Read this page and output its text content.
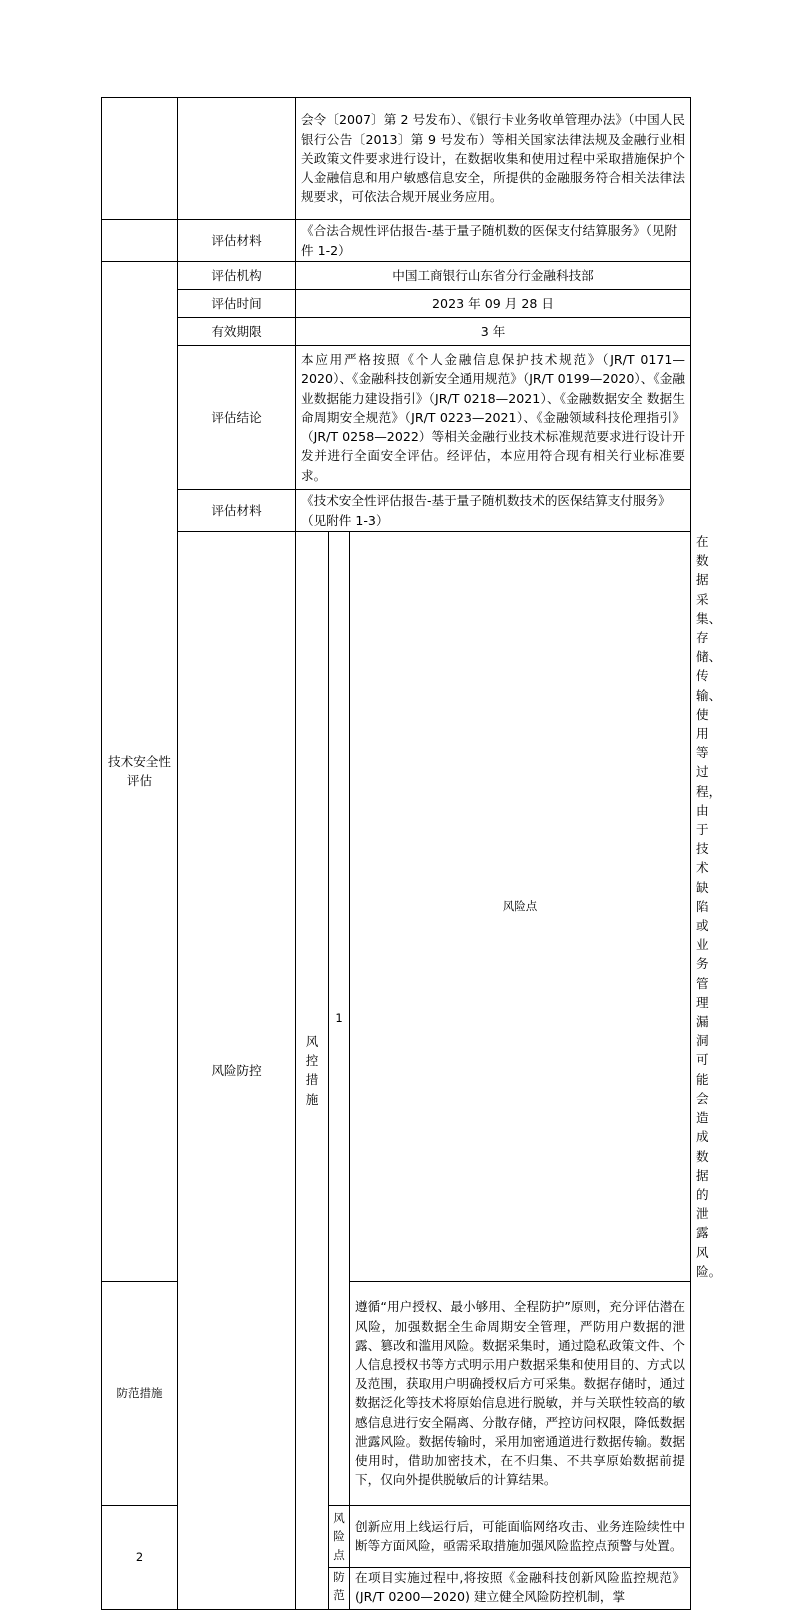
		会令〔2007〕第 2 号发布）、《银行卡业务收单管理办法》（中国人民银行公告〔2013〕第 9 号发布）等相关国家法律法规及金融行业相关政策文件要求进行设计，在数据收集和使用过程中采取措施保护个人金融信息和用户敏感信息安全，所提供的金融服务符合相关法律法规要求，可依法合规开展业务应用。			
	评估材料	《合法合规性评估报告-基于量子随机数的医保支付结算服务》（见附件 1-2）			
技术安全性评估	评估机构	中国工商银行山东省分行金融科技部			
	评估时间	2023 年 09 月 28 日			
	有效期限	3 年			
	评估结论	本应用严格按照《个人金融信息保护技术规范》（JR/T 0171—2020）、《金融科技创新安全通用规范》（JR/T 0199—2020）、《金融业数据能力建设指引》（JR/T 0218—2021）、《金融数据安全 数据生命周期安全规范》（JR/T 0223—2021）、《金融领域科技伦理指引》（JR/T 0258—2022）等相关金融行业技术标准规范要求进行设计开发并进行全面安全评估。经评估，本应用符合现有相关行业标准要求。			
	评估材料	《技术安全性评估报告-基于量子随机数技术的医保结算支付服务》（见附件 1-3）			
	风险防控	风控措施	1	风险点	在数据采集、存储、传输、使用等过程，由于技术缺陷或业务管理漏洞可能会造成数据的泄露风险。
防范措施				遵循“用户授权、最小够用、全程防护”原则，充分评估潜在风险，加强数据全生命周期安全管理，严防用户数据的泄露、篡改和滥用风险。数据采集时，通过隐私政策文件、个人信息授权书等方式明示用户数据采集和使用目的、方式以及范围，获取用户明确授权后方可采集。数据存储时，通过数据泛化等技术将原始信息进行脱敏，并与关联性较高的敏感信息进行安全隔离、分散存储，严控访问权限，降低数据泄露风险。数据传输时，采用加密通道进行数据传输。数据使用时，借助加密技术，在不归集、不共享原始数据前提下，仅向外提供脱敏后的计算结果。	
2			风险点	创新应用上线运行后，可能面临网络攻击、业务连险续性中断等方面风险，亟需采取措施加强风险监控点预警与处置。	
			防范	在项目实施过程中,将按照《金融科技创新风险监控规范》(JR/T 0200—2020) 建立健全风险防控机制，掌	
